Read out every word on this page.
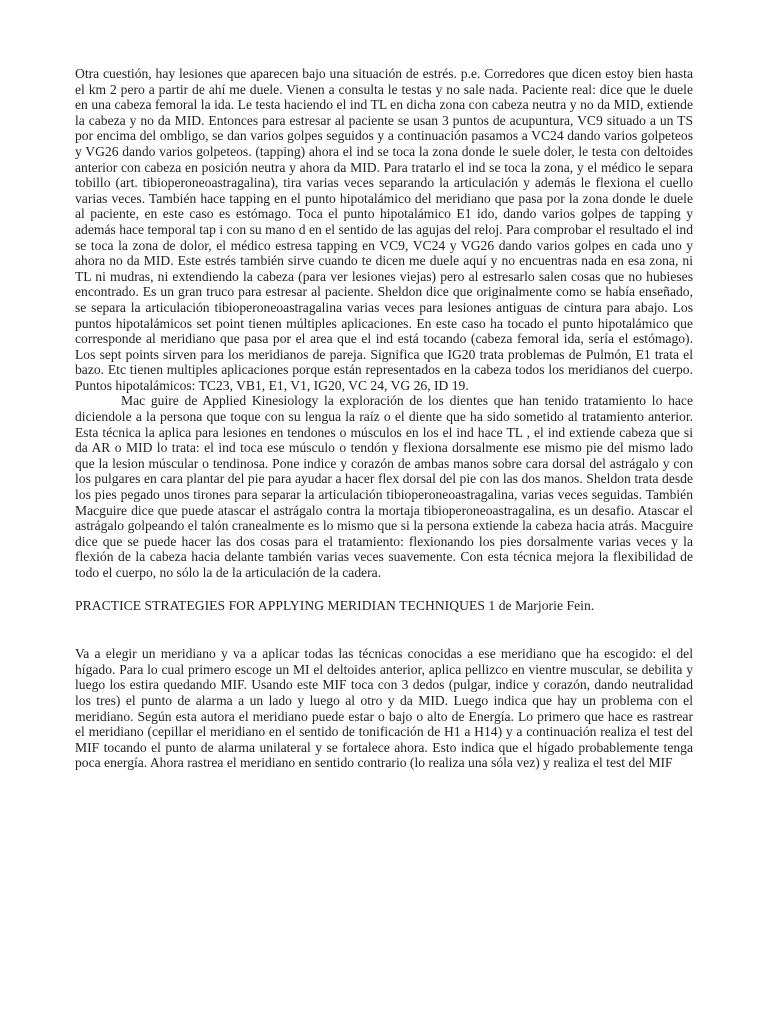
Otra cuestión, hay lesiones que aparecen bajo una situación de estrés. p.e. Corredores que dicen estoy bien hasta el km 2 pero a partir de ahí me duele. Vienen a consulta le testas y no sale nada. Paciente real: dice que le duele en una cabeza femoral la ida. Le testa haciendo el ind TL en dicha zona con cabeza neutra y no da MID, extiende la cabeza y no da MID. Entonces para estresar al paciente se usan 3 puntos de acupuntura, VC9 situado a un TS por encima del ombligo, se dan varios golpes seguidos y a continuación pasamos a VC24 dando varios golpeteos y VG26 dando varios golpeteos. (tapping) ahora el ind se toca la zona donde le suele doler, le testa con deltoides anterior con cabeza en posición neutra y ahora da MID. Para tratarlo el ind se toca la zona, y el médico le separa tobillo (art. tibioperoneoastragalina), tira varias veces separando la articulación y además le flexiona el cuello varias veces. También hace tapping en el punto hipotalámico del meridiano que pasa por la zona donde le duele al paciente, en este caso es estómago. Toca el punto hipotalámico E1 ido, dando varios golpes de tapping y además hace temporal tap i con su mano d en el sentido de las agujas del reloj. Para comprobar el resultado el ind se toca la zona de dolor, el médico estresa tapping en VC9, VC24 y VG26 dando varios golpes en cada uno y ahora no da MID. Este estrés también sirve cuando te dicen me duele aquí y no encuentras nada en esa zona, ni TL ni mudras, ni extendiendo la cabeza (para ver lesiones viejas) pero al estresarlo salen cosas que no hubieses encontrado. Es un gran truco para estresar al paciente. Sheldon dice que originalmente como se había enseñado, se separa la articulación tibioperoneoastragalina varias veces para lesiones antiguas de cintura para abajo. Los puntos hipotalámicos set point tienen múltiples aplicaciones. En este caso ha tocado el punto hipotalámico que corresponde al meridiano que pasa por el area que el ind está tocando (cabeza femoral ida, sería el estómago). Los sept points sirven para los meridianos de pareja. Significa que IG20 trata problemas de Pulmón, E1 trata el bazo. Etc tienen multiples aplicaciones porque están representados en la cabeza todos los meridianos del cuerpo. Puntos hipotalámicos: TC23, VB1, E1, V1, IG20, VC 24, VG 26, ID 19.

Mac guire de Applied Kinesiology la exploración de los dientes que han tenido tratamiento lo hace diciendole a la persona que toque con su lengua la raíz o el diente que ha sido sometido al tratamiento anterior. Esta técnica la aplica para lesiones en tendones o músculos en los el ind hace TL , el ind extiende cabeza que si da AR o MID lo trata: el ind toca ese músculo o tendón y flexiona dorsalmente ese mismo pie del mismo lado que la lesion múscular o tendinosa. Pone indice y corazón de ambas manos sobre cara dorsal del astrágalo y con los pulgares en cara plantar del pie para ayudar a hacer flex dorsal del pie con las dos manos. Sheldon trata desde los pies pegado unos tirones para separar la articulación tibioperoneoastragalina, varias veces seguidas. También Macguire dice que puede atascar el astrágalo contra la mortaja tibioperoneoastragalina, es un desafio. Atascar el astrágalo golpeando el talón cranealmente es lo mismo que si la persona extiende la cabeza hacia atrás. Macguire dice que se puede hacer las dos cosas para el tratamiento: flexionando los pies dorsalmente varias veces y la flexión de la cabeza hacia delante también varias veces suavemente. Con esta técnica mejora la flexibilidad de todo el cuerpo, no sólo la de la articulación de la cadera.

PRACTICE STRATEGIES FOR APPLYING MERIDIAN TECHNIQUES 1 de Marjorie Fein.

Va a elegir un meridiano y va a aplicar todas las técnicas conocidas a ese meridiano que ha escogido: el del hígado. Para lo cual primero escoge un MI el deltoides anterior, aplica pellizco en vientre muscular, se debilita y luego los estira quedando MIF. Usando este MIF toca con 3 dedos (pulgar, indice y corazón, dando neutralidad los tres) el punto de alarma a un lado y luego al otro y da MID. Luego indica que hay un problema con el meridiano. Según esta autora el meridiano puede estar o bajo o alto de Energía. Lo primero que hace es rastrear el meridiano (cepillar el meridiano en el sentido de tonificación de H1 a H14) y a continuación realiza el test del MIF tocando el punto de alarma unilateral y se fortalece ahora. Esto indica que el hígado probablemente tenga poca energía. Ahora rastrea el meridiano en sentido contrario (lo realiza una sóla vez) y realiza el test del MIF
